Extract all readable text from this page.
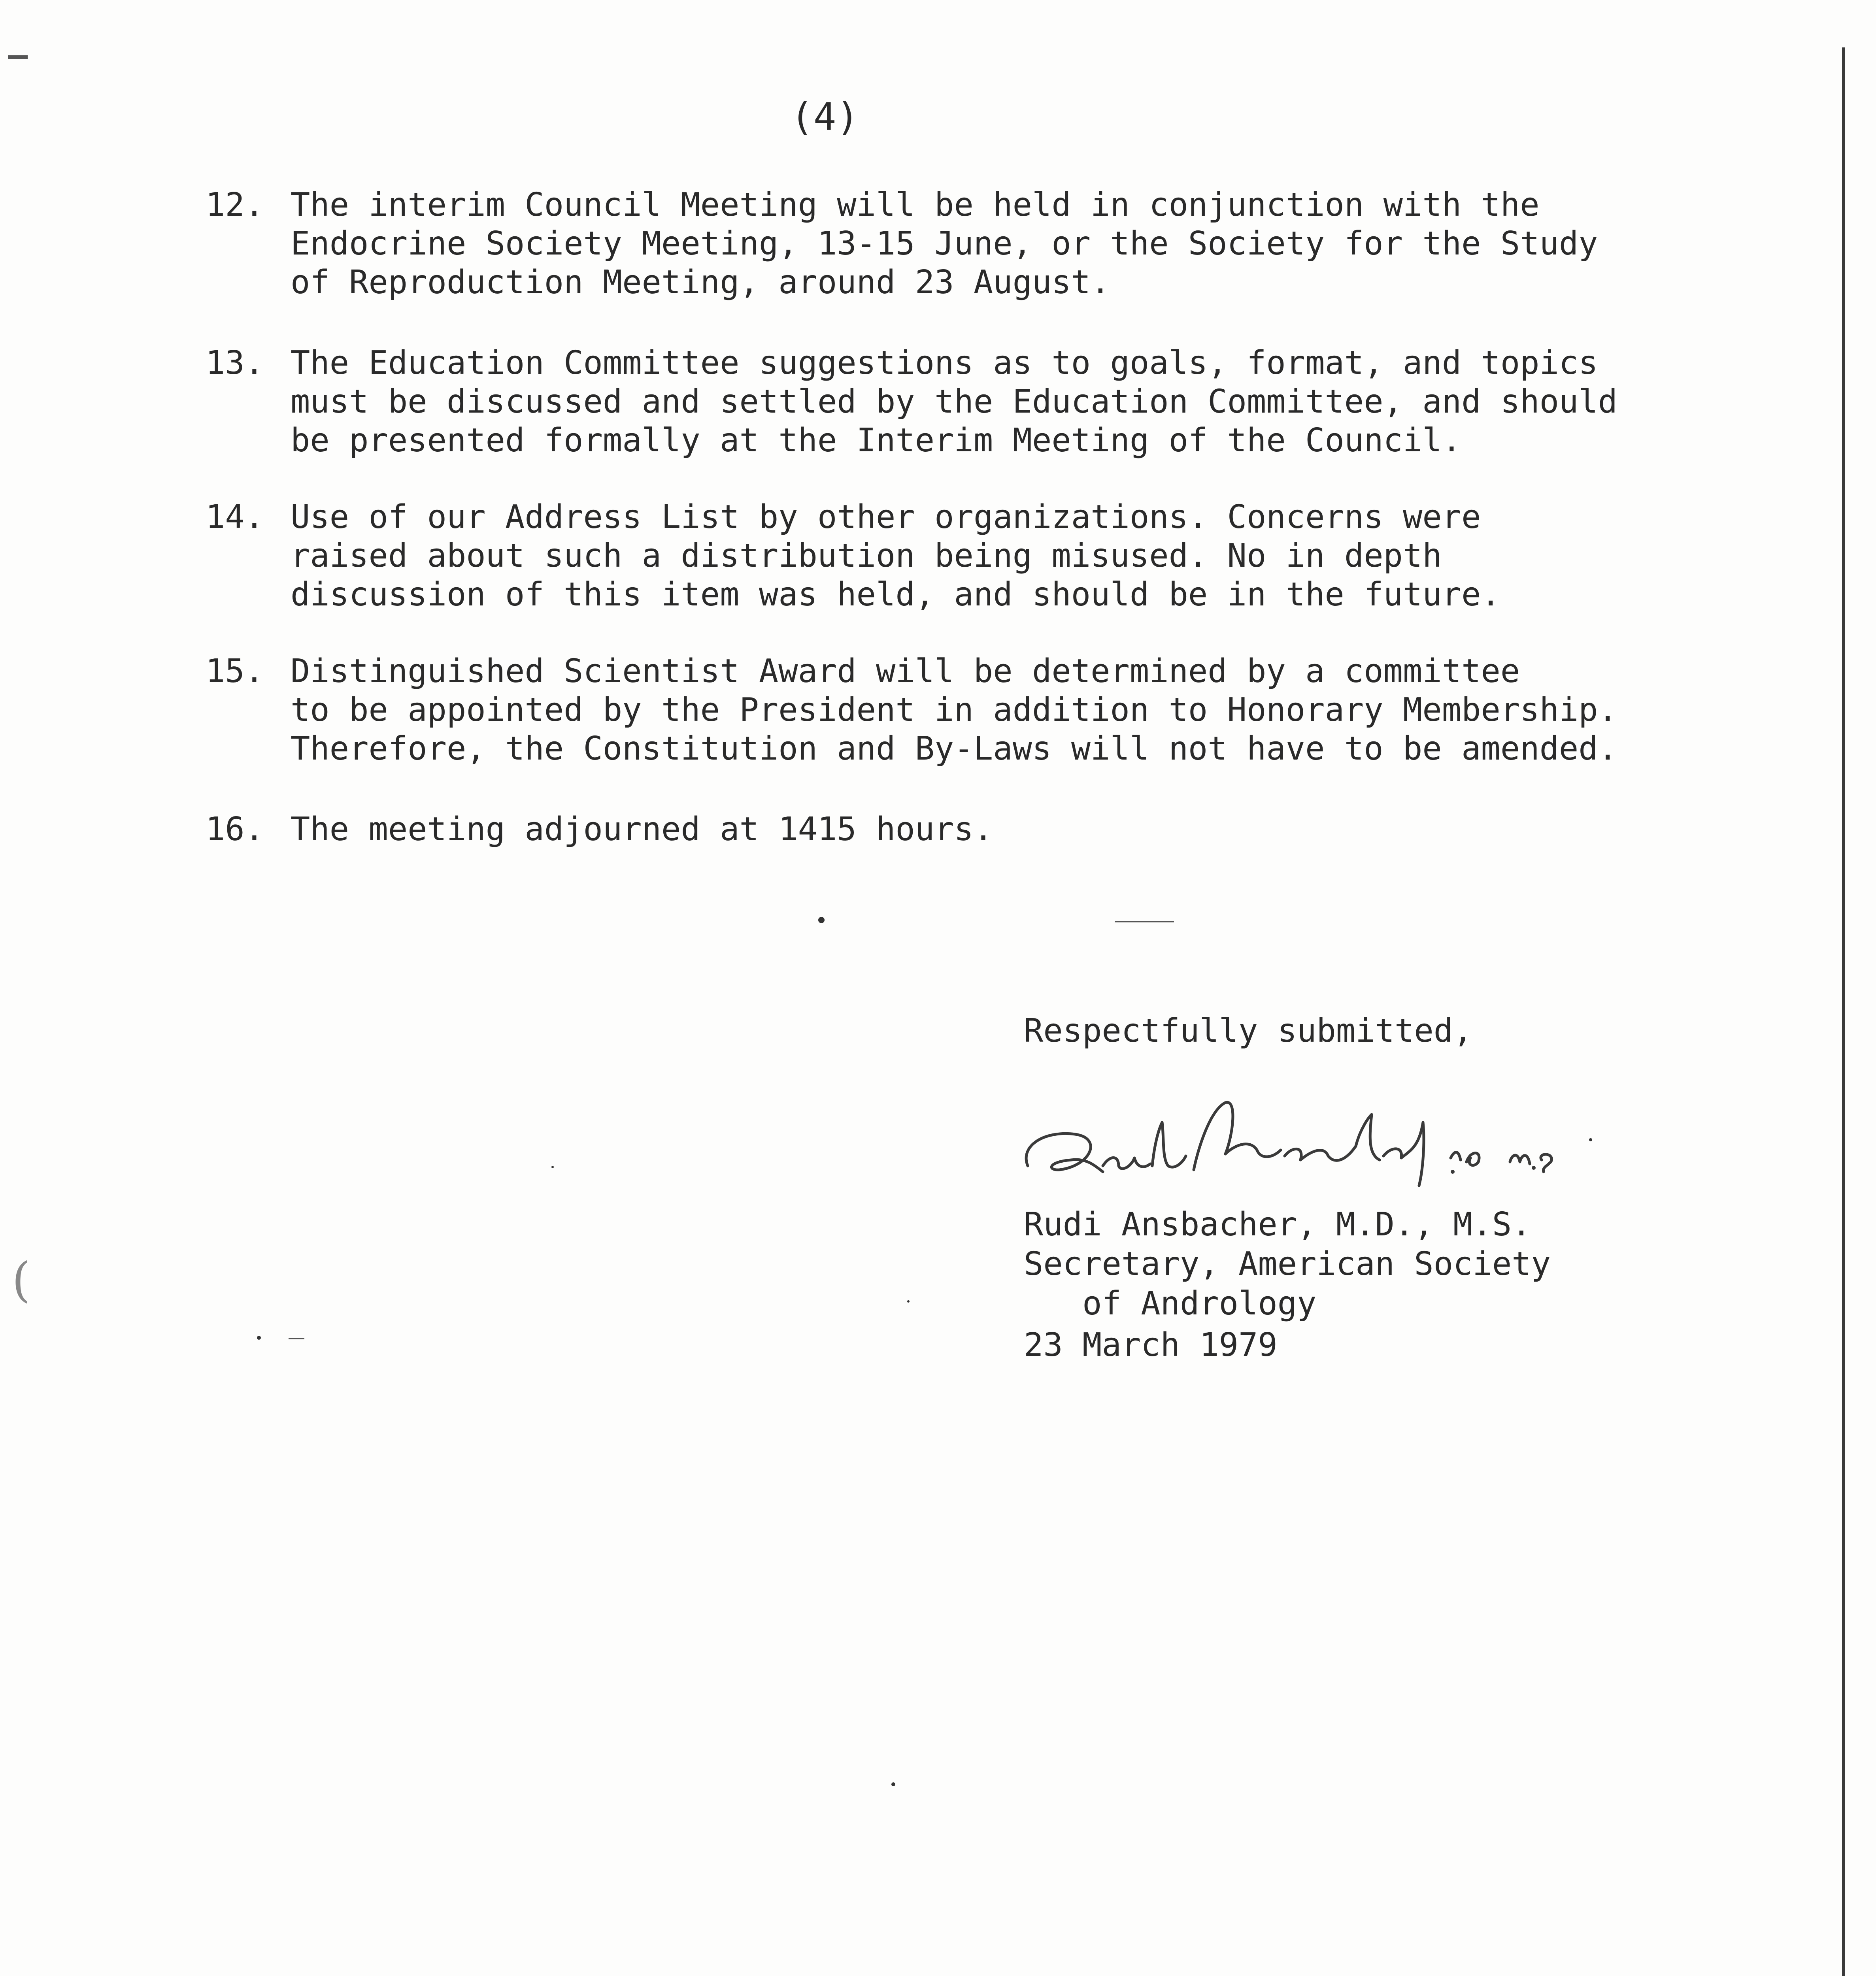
(4)
12. The interim Council Meeting will be held in conjunction with the
Endocrine Society Meeting, 13-15 June, or the Society for the Study
of Reproduction Meeting, around 23 August.
13. The Education Committee suggestions as to goals, format, and topics
must be discussed and settled by the Education Committee, and should
be presented formally at the Interim Meeting of the Council.
14. Use of our Address List by other organizations. Concerns were
raised about such a distribution being misused. No in depth
discussion of this item was held, and should be in the future.
15. Distinguished Scientist Award will be determined by a committee
to be appointed by the President in addition to Honorary Membership.
Therefore, the Constitution and By-Laws will not have to be amended.
16. The meeting adjourned at 1415 hours.
Respectfully submitted,
Rudi Ansbacher, M.D., M.S.
Secretary, American Society
of Andrology
23 March 1979
(
